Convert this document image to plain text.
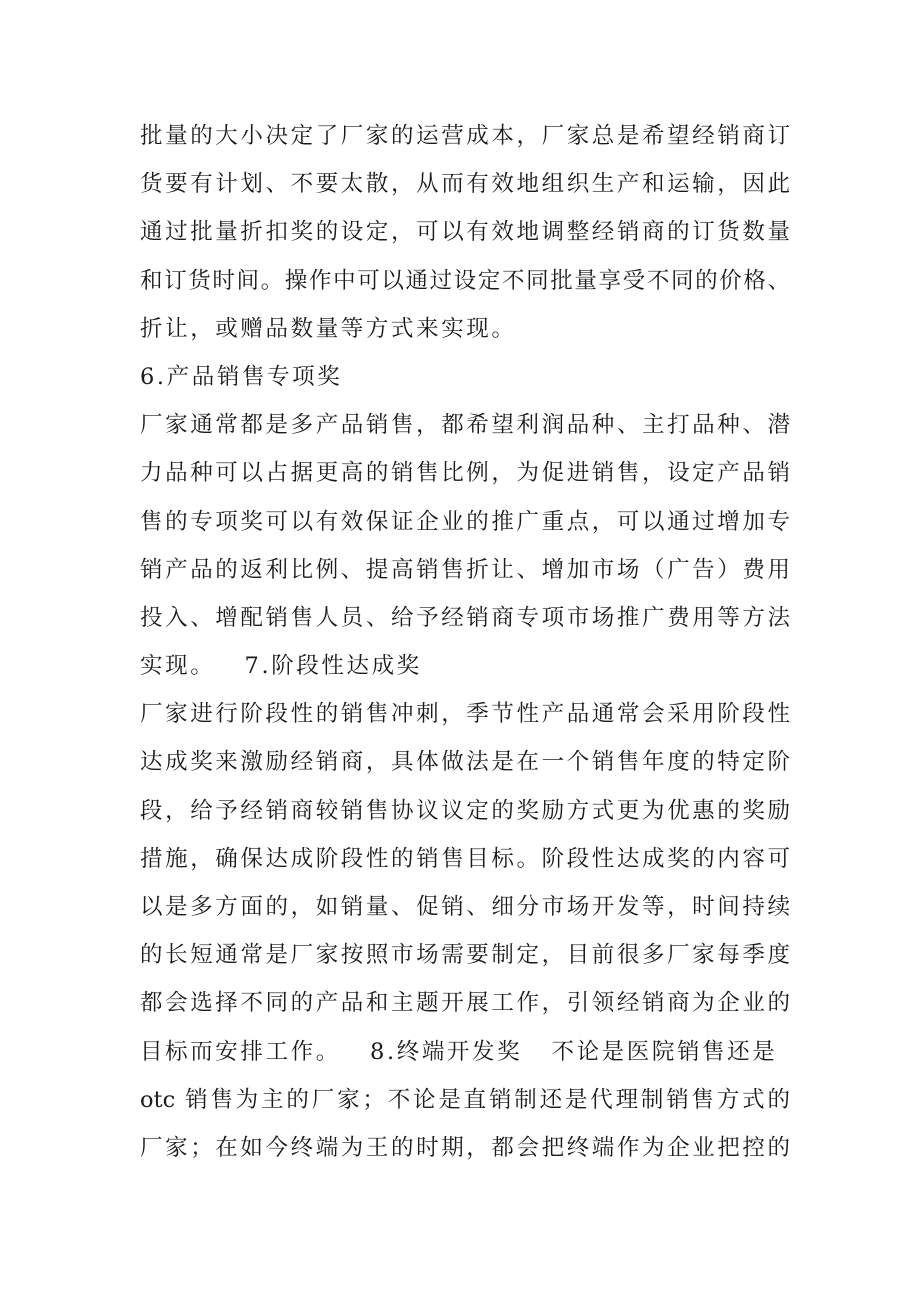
批量的大小决定了厂家的运营成本，厂家总是希望经销商订
货要有计划、不要太散，从而有效地组织生产和运输，因此
通过批量折扣奖的设定，可以有效地调整经销商的订货数量
和订货时间。操作中可以通过设定不同批量享受不同的价格、
折让，或赠品数量等方式来实现。
6.产品销售专项奖
厂家通常都是多产品销售，都希望利润品种、主打品种、潜
力品种可以占据更高的销售比例，为促进销售，设定产品销
售的专项奖可以有效保证企业的推广重点，可以通过增加专
销产品的返利比例、提高销售折让、增加市场（广告）费用
投入、增配销售人员、给予经销商专项市场推广费用等方法
实现。   7.阶段性达成奖
厂家进行阶段性的销售冲刺，季节性产品通常会采用阶段性
达成奖来激励经销商，具体做法是在一个销售年度的特定阶
段，给予经销商较销售协议议定的奖励方式更为优惠的奖励
措施，确保达成阶段性的销售目标。阶段性达成奖的内容可
以是多方面的，如销量、促销、细分市场开发等，时间持续
的长短通常是厂家按照市场需要制定，目前很多厂家每季度
都会选择不同的产品和主题开展工作，引领经销商为企业的
目标而安排工作。   8.终端开发奖   不论是医院销售还是
otc 销售为主的厂家；不论是直销制还是代理制销售方式的
厂家；在如今终端为王的时期，都会把终端作为企业把控的
